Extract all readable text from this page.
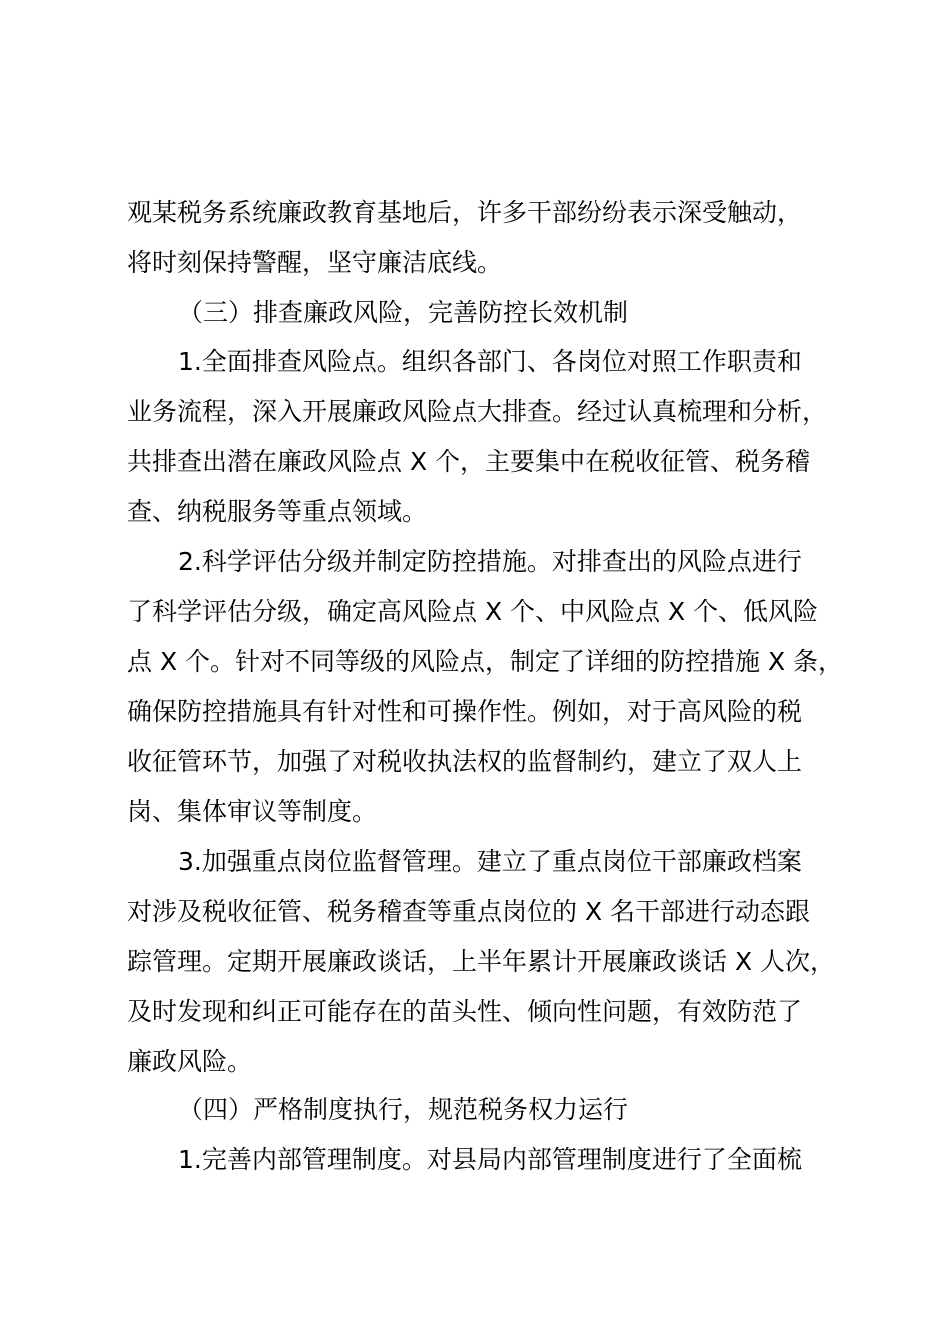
观某税务系统廉政教育基地后，许多干部纷纷表示深受触动，
将时刻保持警醒，坚守廉洁底线。
（三）排查廉政风险，完善防控长效机制
1.全面排查风险点。组织各部门、各岗位对照工作职责和
业务流程，深入开展廉政风险点大排查。经过认真梳理和分析，
共排查出潜在廉政风险点 X 个，主要集中在税收征管、税务稽
查、纳税服务等重点领域。
2.科学评估分级并制定防控措施。对排查出的风险点进行
了科学评估分级，确定高风险点 X 个、中风险点 X 个、低风险
点 X 个。针对不同等级的风险点，制定了详细的防控措施 X 条，
确保防控措施具有针对性和可操作性。例如，对于高风险的税
收征管环节，加强了对税收执法权的监督制约，建立了双人上
岗、集体审议等制度。
3.加强重点岗位监督管理。建立了重点岗位干部廉政档案
对涉及税收征管、税务稽查等重点岗位的 X 名干部进行动态跟
踪管理。定期开展廉政谈话，上半年累计开展廉政谈话 X 人次，
及时发现和纠正可能存在的苗头性、倾向性问题，有效防范了
廉政风险。
（四）严格制度执行，规范税务权力运行
1.完善内部管理制度。对县局内部管理制度进行了全面梳
